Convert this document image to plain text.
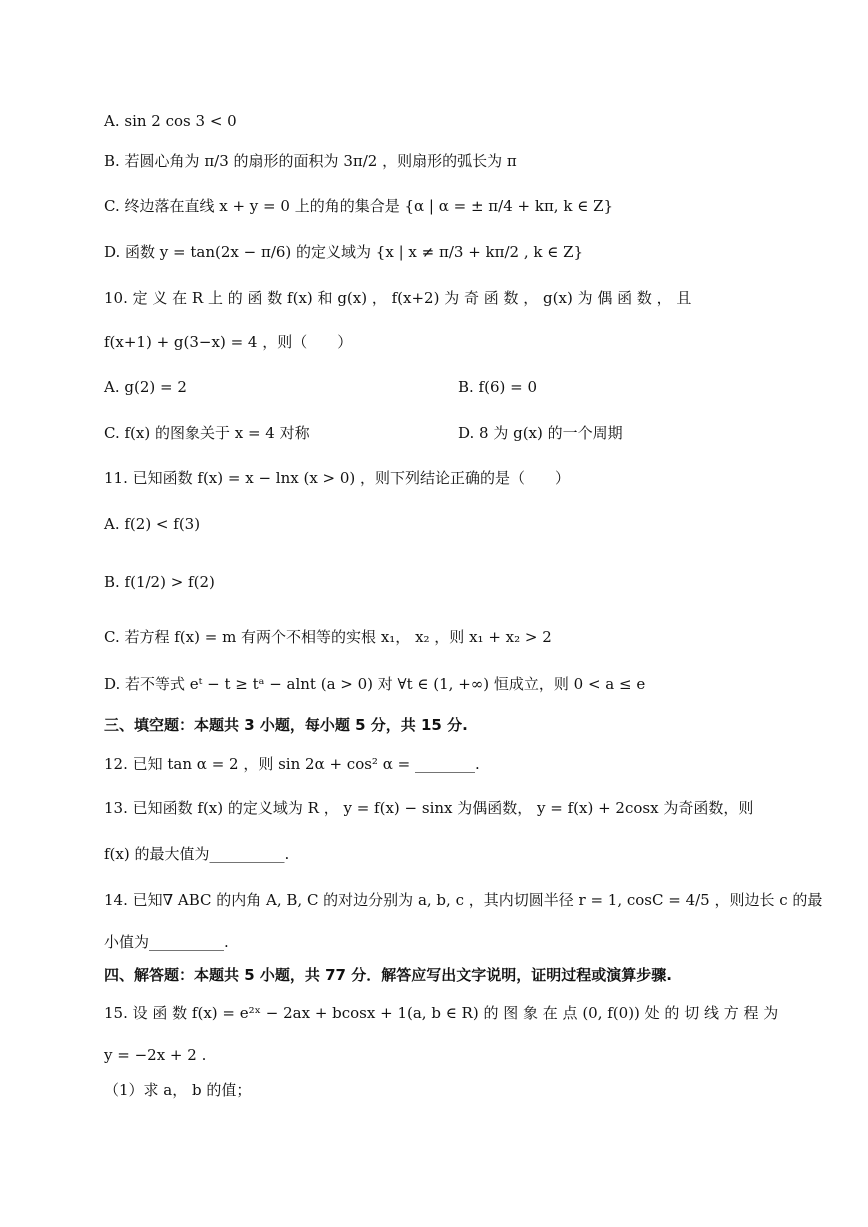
A. sin 2 cos 3 < 0
B. 若圆心角为 π/3 的扇形的面积为 3π/2 ，则扇形的弧长为 π
C. 终边落在直线 x + y = 0 上的角的集合是 {α | α = ± π/4 + kπ, k ∈ Z}
D. 函数 y = tan(2x − π/6) 的定义域为 {x | x ≠ π/3 + kπ/2 , k ∈ Z}
10. 定 义 在 R 上 的 函 数 f(x) 和 g(x) ， f(x+2) 为 奇 函 数 ， g(x) 为 偶 函 数 ， 且
f(x+1) + g(3−x) = 4 ，则（　　）
A. g(2) = 2	B. f(6) = 0
C. f(x) 的图象关于 x = 4 对称	D. 8 为 g(x) 的一个周期
11. 已知函数 f(x) = x − lnx (x > 0) ，则下列结论正确的是（　　）
A. f(2) < f(3)
B. f(1/2) > f(2)
C. 若方程 f(x) = m 有两个不相等的实根 x₁， x₂ ，则 x₁ + x₂ > 2
D. 若不等式 eᵗ − t ≥ tᵃ − alnt (a > 0) 对 ∀t ∈ (1, +∞) 恒成立，则 0 < a ≤ e
三、填空题：本题共 3 小题，每小题 5 分，共 15 分.
12. 已知 tan α = 2 ，则 sin 2α + cos² α = ________.
13. 已知函数 f(x) 的定义域为 R ， y = f(x) − sinx 为偶函数， y = f(x) + 2cosx 为奇函数，则
f(x) 的最大值为__________.
14. 已知∇ ABC 的内角 A, B, C 的对边分别为 a, b, c ，其内切圆半径 r = 1, cosC = 4/5 ，则边长 c 的最
小值为__________.
四、解答题：本题共 5 小题，共 77 分．解答应写出文字说明，证明过程或演算步骤.
15. 设 函 数 f(x) = e²ˣ − 2ax + bcosx + 1(a, b ∈ R) 的 图 象 在 点 (0, f(0)) 处 的 切 线 方 程 为
y = −2x + 2 .
（1）求 a， b 的值；
